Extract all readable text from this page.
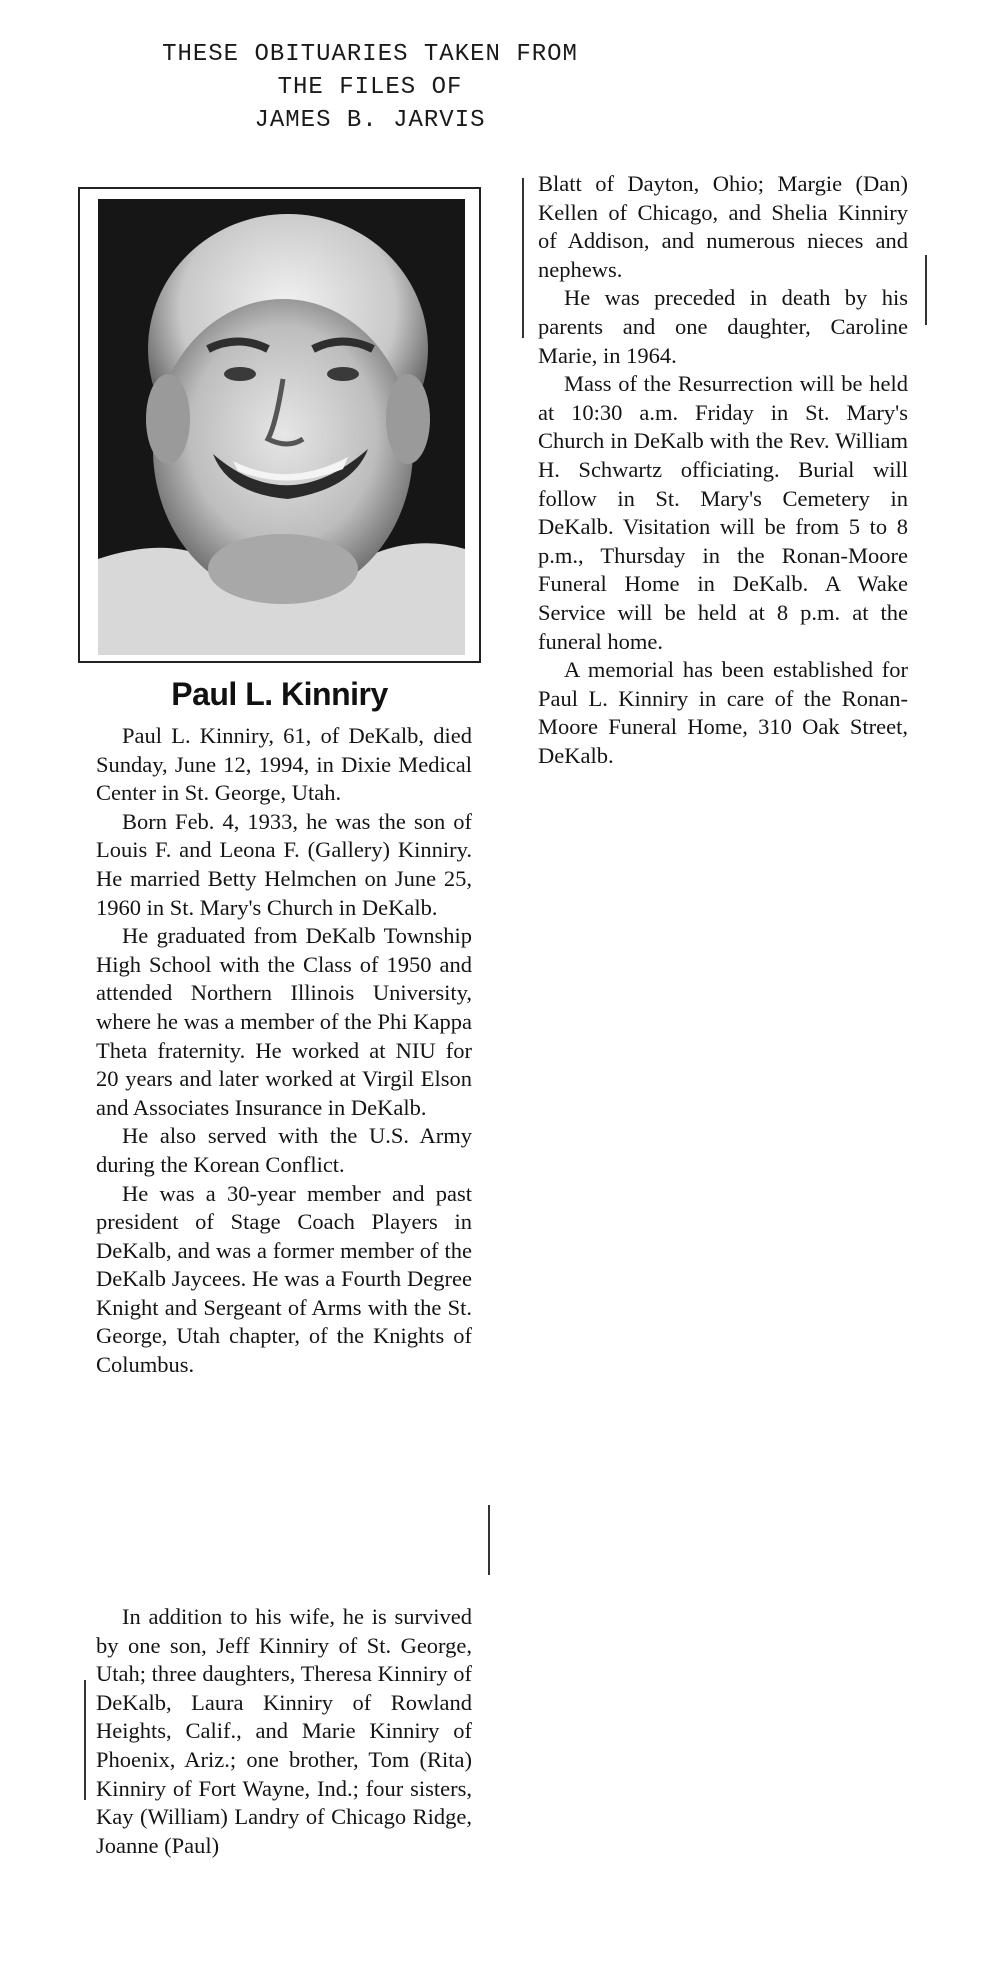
THESE OBITUARIES TAKEN FROM
THE FILES OF
JAMES B. JARVIS
Paul L. Kinniry

Paul L. Kinniry, 61, of DeKalb, died Sunday, June 12, 1994, in Dixie Medical Center in St. George, Utah.

Born Feb. 4, 1933, he was the son of Louis F. and Leona F. (Gallery) Kinniry. He married Betty Helmchen on June 25, 1960 in St. Mary's Church in DeKalb.

He graduated from DeKalb Township High School with the Class of 1950 and attended Northern Illinois University, where he was a member of the Phi Kappa Theta fraternity. He worked at NIU for 20 years and later worked at Virgil Elson and Associates Insurance in DeKalb.

He also served with the U.S. Army during the Korean Conflict.

He was a 30-year member and past president of Stage Coach Players in DeKalb, and was a former member of the DeKalb Jaycees. He was a Fourth Degree Knight and Sergeant of Arms with the St. George, Utah chapter, of the Knights of Columbus.

In addition to his wife, he is survived by one son, Jeff Kinniry of St. George, Utah; three daughters, Theresa Kinniry of DeKalb, Laura Kinniry of Rowland Heights, Calif., and Marie Kinniry of Phoenix, Ariz.; one brother, Tom (Rita) Kinniry of Fort Wayne, Ind.; four sisters, Kay (William) Landry of Chicago Ridge, Joanne (Paul)

Blatt of Dayton, Ohio; Margie (Dan) Kellen of Chicago, and Shelia Kinniry of Addison, and numerous nieces and nephews.

He was preceded in death by his parents and one daughter, Caroline Marie, in 1964.

Mass of the Resurrection will be held at 10:30 a.m. Friday in St. Mary's Church in DeKalb with the Rev. William H. Schwartz officiating. Burial will follow in St. Mary's Cemetery in DeKalb. Visitation will be from 5 to 8 p.m., Thursday in the Ronan-Moore Funeral Home in DeKalb. A Wake Service will be held at 8 p.m. at the funeral home.

A memorial has been established for Paul L. Kinniry in care of the Ronan-Moore Funeral Home, 310 Oak Street, DeKalb.
